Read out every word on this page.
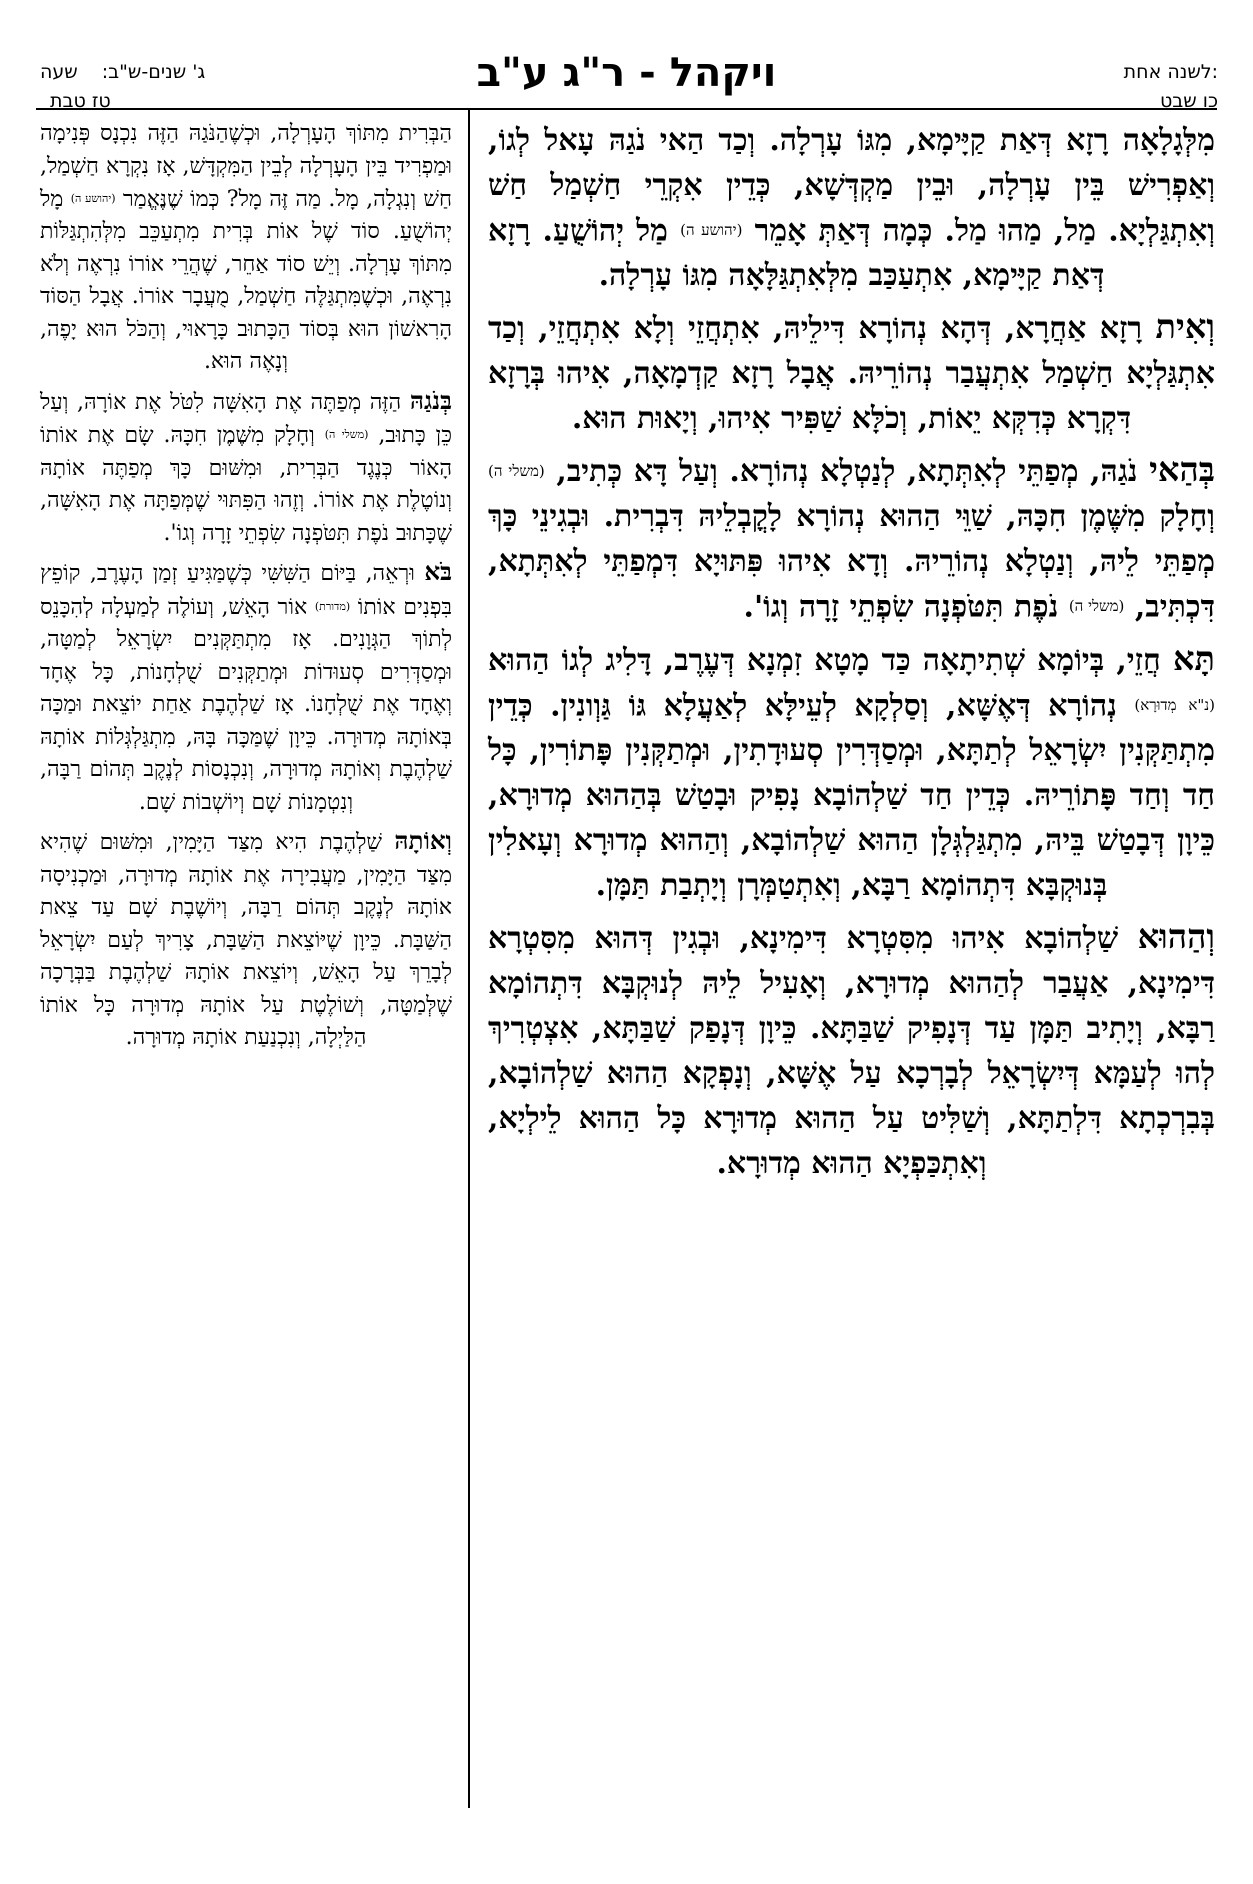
לשנה אחת:
כו שבט
ויקהל - ר"ג ע"ב
ג' שנים-ש"ב:
שעה
טז טבת

מִלְּגָלָאָה רָזָא דְּאַת קַיָּימָא, מִגּוֹ עָרְלָה. וְכַד הַאי נֹגַהּ עָאל לְגוֹ, וְאַפְרִישׁ בֵּין עָרְלָה, וּבֵין מַקְדְּשָׁא, כְּדֵין אִקְרֵי חַשְׁמַל חַשׁ וְאִתְגַּלְיָא. מַל, מַהוּ מַל. כְּמָה דְּאַתְּ אָמֵר (יהושע ה) מַל יְהוֹשֻׁעַ. רָזָא דְּאַת קַיָּימָא, אִתְעַכַּב מִלְּאִתְגַּלָּאָה מִגּוֹ עָרְלָה.

וְאִית רָזָא אַחֲרָא, דְּהָא נְהוֹרָא דִּילֵיהּ, אִתְחֲזֵי וְלָא אִתְחֲזֵי, וְכַד אִתְגַּלְיָא חַשְׁמַל אִתְעֲבַר נְהוֹרֵיהּ. אֲבָל רָזָא קַדְמָאָה, אִיהוּ בְּרָזָא דִּקְרָא כְּדִקְּא יֵאוֹת, וְכֹלָּא שַׁפִּיר אִיהוּ, וְיָאוּת הוּא.

בְּהַאי נֹגַהּ, מְפַתֵּי לְאִתְּתָא, לְנַטְלָא נְהוֹרָא. וְעַל דָּא כְּתִיב, (משלי ה) וְחָלָק מִשֶּׁמֶן חִכָּהּ, שַׁוֵּי הַהוּא נְהוֹרָא לָקֳבְלֵיהּ דִּבְרִית. וּבְגִינֵי כָּךְ מְפַתֵּי לֵיהּ, וְנַטְלָא נְהוֹרֵיהּ. וְדָא אִיהוּ פִּתּוּיָא דִּמְפַתֵּי לְאִתְּתָא, דִּכְתִּיב, (משלי ה) נֹפֶת תִּטֹּפְנָה שִׂפְתֵי זָרָה וְגוֹ'.

תָּא חֲזֵי, בְּיוֹמָא שְׁתִיתָאָה כַּד מָטָא זִמְנָא דְּעֶרֶב, דָּלִיג לְגוֹ הַהוּא (נ"א מְדוּרָא) נְהוֹרָא דְּאֶשָּׁא, וְסַלְקָא לְעֵילָּא לְאַעֲלָא גּוֹ גַּוְונִין. כְּדֵין מִתְתַּקְּנִין יִשְׂרָאֵל לְתַתָּא, וּמְסַדְּרִין סְעוּדָתִין, וּמְתַקְּנִין פָּתוֹרִין, כָּל חַד וְחַד פָּתוֹרֵיהּ. כְּדֵין חַד שַׁלְהוֹבָא נָפִיק וּבָטַשׁ בְּהַהוּא מְדוּרָא, כֵּיוָן דְּבָטַשׁ בֵּיהּ, מִתְגַּלְגְּלָן הַהוּא שַׁלְהוֹבָא, וְהַהוּא מְדוּרָא וְעָאלִין בְּנוּקְבָּא דִּתְהוֹמָא רַבָּא, וְאִתְטַמְּרָן וְיָתְבַת תַּמָּן.

וְהַהוּא שַׁלְהוֹבָא אִיהוּ מִסִּטְרָא דִּימִינָא, וּבְגִין דְּהוּא מִסִּטְרָא דִּימִינָא, אַעֲבַר לְהַהוּא מְדוּרָא, וְאָעִיל לֵיהּ לְנוּקְבָּא דִּתְהוֹמָא רַבָּא, וְיָתִיב תַּמָּן עַד דְּנָפִיק שַׁבַּתָּא. כֵּיוָן דְּנָפַק שַׁבַּתָּא, אִצְטְרִיךְ לְהוּ לְעַמָּא דְּיִשְׂרָאֵל לְבָרְכָא עַל אֶשָּׁא, וְנָפְקָא הַהוּא שַׁלְהוֹבָא, בְּבִרְכְתָא דִּלְתַתָּא, וְשַׁלִּיט עַל הַהוּא מְדוּרָא כָּל הַהוּא לֵילְיָא, וְאִתְכַּפְיָא הַהוּא מְדוּרָא.

הַבְּרִית מִתּוֹךְ הָעָרְלָה, וּכְשֶׁהַנֹּגַהּ הַזֶּה נִכְנָס פְּנִימָה וּמַפְרִיד בֵּין הָעָרְלָה לְבֵין הַמִּקְדָּשׁ, אָז נִקְרָא חַשְׁמַל, חַשׁ וְנִגְלָה, מָל. מַה זֶּה מָל? כְּמוֹ שֶׁנֶּאֱמַר (יהושע ה) מָל יְהוֹשֻׁעַ. סוֹד שֶׁל אוֹת בְּרִית מִתְעַכֵּב מִלְּהִתְגַּלּוֹת מִתּוֹךְ עָרְלָה. וְיֵשׁ סוֹד אַחֵר, שֶׁהֲרֵי אוֹרוֹ נִרְאֶה וְלֹא נִרְאֶה, וּכְשֶׁמִּתְגַּלֶּה חַשְׁמַל, מֻעֲבָר אוֹרוֹ. אֲבָל הַסּוֹד הָרִאשׁוֹן הוּא בְּסוֹד הַכָּתוּב כָּרָאוּי, וְהַכֹּל הוּא יָפֶה, וְנָאֶה הוּא.

בְּנֹגַהּ הַזֶּה מְפַתֶּה אֶת הָאִשָּׁה לִטֹּל אֶת אוֹרָהּ, וְעַל כֵּן כָּתוּב, (משלי ה) וְחָלָק מִשֶּׁמֶן חִכָּהּ. שָׂם אֶת אוֹתוֹ הָאוֹר כְּנֶגֶד הַבְּרִית, וּמִשּׁוּם כָּךְ מְפַתֶּה אוֹתָהּ וְנוֹטֶלֶת אֶת אוֹרוֹ. וְזֶהוּ הַפִּתּוּי שֶׁמְּפַתָּה אֶת הָאִשָּׁה, שֶׁכָּתוּב נֹפֶת תִּטֹּפְנָה שִׂפְתֵי זָרָה וְגוֹ'.

בֹּא וּרְאֵה, בַּיּוֹם הַשִּׁשִּׁי כְּשֶׁמַּגִּיעַ זְמַן הָעֶרֶב, קוֹפֵץ בִּפְנִים אוֹתוֹ (מדורת) אוֹר הָאֵשׁ, וְעוֹלֶה לְמַעְלָה לְהִכָּנֵס לְתוֹךְ הַגְּוָנִים. אָז מִתְתַּקְּנִים יִשְׂרָאֵל לְמַטָּה, וּמְסַדְּרִים סְעוּדוֹת וּמְתַקְּנִים שֻׁלְחָנוֹת, כָּל אֶחָד וְאֶחָד אֶת שֻׁלְחָנוֹ. אָז שַׁלְהֶבֶת אַחַת יוֹצֵאת וּמַכָּה בְּאוֹתָהּ מְדוּרָה. כֵּיוָן שֶׁמַּכָּה בָּהּ, מִתְגַּלְגְּלוֹת אוֹתָהּ שַׁלְהֶבֶת וְאוֹתָהּ מְדוּרָה, וְנִכְנָסוֹת לְנֶקֶב תְּהוֹם רַבָּה, וְנִטְמָנוֹת שָׁם וְיוֹשְׁבוֹת שָׁם.

וְאוֹתָהּ שַׁלְהֶבֶת הִיא מִצַּד הַיָּמִין, וּמִשּׁוּם שֶׁהִיא מִצַּד הַיָּמִין, מַעֲבִירָה אֶת אוֹתָהּ מְדוּרָה, וּמַכְנִיסָה אוֹתָהּ לְנֶקֶב תְּהוֹם רַבָּה, וְיוֹשֶׁבֶת שָׁם עַד צֵאת הַשַּׁבָּת. כֵּיוָן שֶׁיּוֹצֵאת הַשַּׁבָּת, צָרִיךְ לְעַם יִשְׂרָאֵל לְבָרֵךְ עַל הָאֵשׁ, וְיוֹצֵאת אוֹתָהּ שַׁלְהֶבֶת בַּבְּרָכָה שֶׁלְּמַטָּה, וְשׁוֹלֶטֶת עַל אוֹתָהּ מְדוּרָה כָּל אוֹתוֹ הַלַּיְלָה, וְנִכְנַעַת אוֹתָהּ מְדוּרָה.
